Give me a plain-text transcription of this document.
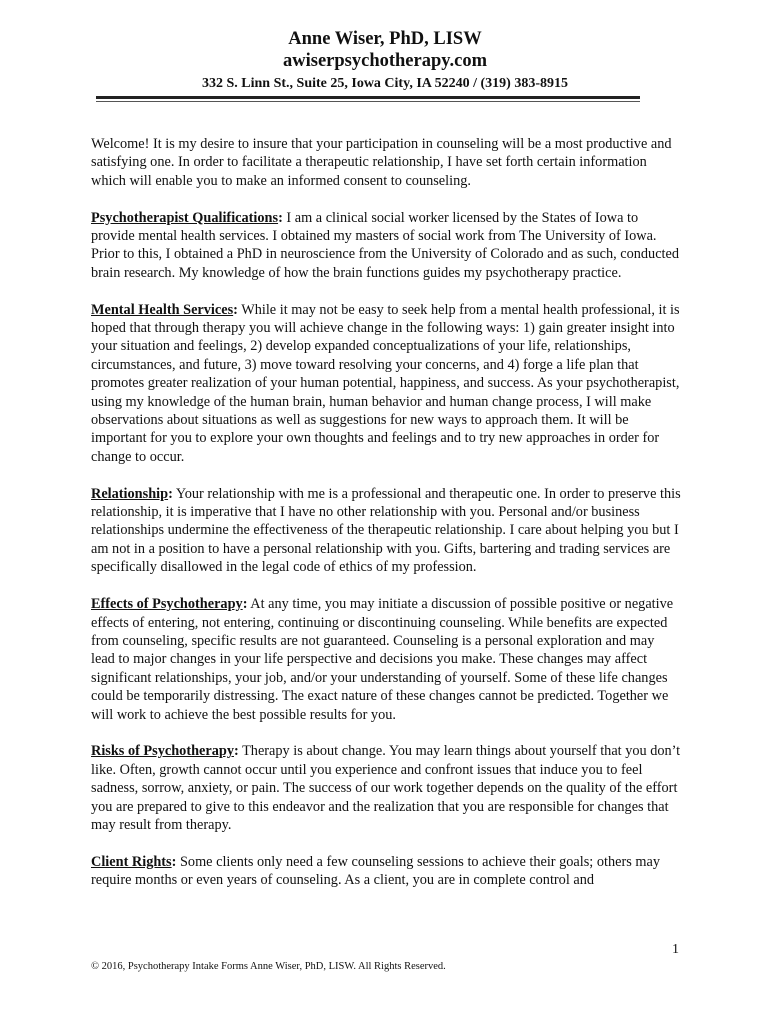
Anne Wiser, PhD, LISW
awiserpsychotherapy.com
332 S. Linn St., Suite 25, Iowa City, IA 52240 / (319) 383-8915

Welcome! It is my desire to insure that your participation in counseling will be a most productive and satisfying one. In order to facilitate a therapeutic relationship, I have set forth certain information which will enable you to make an informed consent to counseling.

Psychotherapist Qualifications: I am a clinical social worker licensed by the States of Iowa to provide mental health services. I obtained my masters of social work from The University of Iowa. Prior to this, I obtained a PhD in neuroscience from the University of Colorado and as such, conducted brain research. My knowledge of how the brain functions guides my psychotherapy practice.

Mental Health Services: While it may not be easy to seek help from a mental health professional, it is hoped that through therapy you will achieve change in the following ways: 1) gain greater insight into your situation and feelings, 2) develop expanded conceptualizations of your life, relationships, circumstances, and future, 3) move toward resolving your concerns, and 4) forge a life plan that promotes greater realization of your human potential, happiness, and success. As your psychotherapist, using my knowledge of the human brain, human behavior and human change process, I will make observations about situations as well as suggestions for new ways to approach them. It will be important for you to explore your own thoughts and feelings and to try new approaches in order for change to occur.

Relationship: Your relationship with me is a professional and therapeutic one. In order to preserve this relationship, it is imperative that I have no other relationship with you. Personal and/or business relationships undermine the effectiveness of the therapeutic relationship. I care about helping you but I am not in a position to have a personal relationship with you. Gifts, bartering and trading services are specifically disallowed in the legal code of ethics of my profession.

Effects of Psychotherapy: At any time, you may initiate a discussion of possible positive or negative effects of entering, not entering, continuing or discontinuing counseling. While benefits are expected from counseling, specific results are not guaranteed. Counseling is a personal exploration and may lead to major changes in your life perspective and decisions you make. These changes may affect significant relationships, your job, and/or your understanding of yourself. Some of these life changes could be temporarily distressing. The exact nature of these changes cannot be predicted. Together we will work to achieve the best possible results for you.

Risks of Psychotherapy: Therapy is about change. You may learn things about yourself that you don’t like. Often, growth cannot occur until you experience and confront issues that induce you to feel sadness, sorrow, anxiety, or pain. The success of our work together depends on the quality of the effort you are prepared to give to this endeavor and the realization that you are responsible for changes that may result from therapy.

Client Rights: Some clients only need a few counseling sessions to achieve their goals; others may require months or even years of counseling. As a client, you are in complete control and

1
© 2016, Psychotherapy Intake Forms Anne Wiser, PhD, LISW. All Rights Reserved.
